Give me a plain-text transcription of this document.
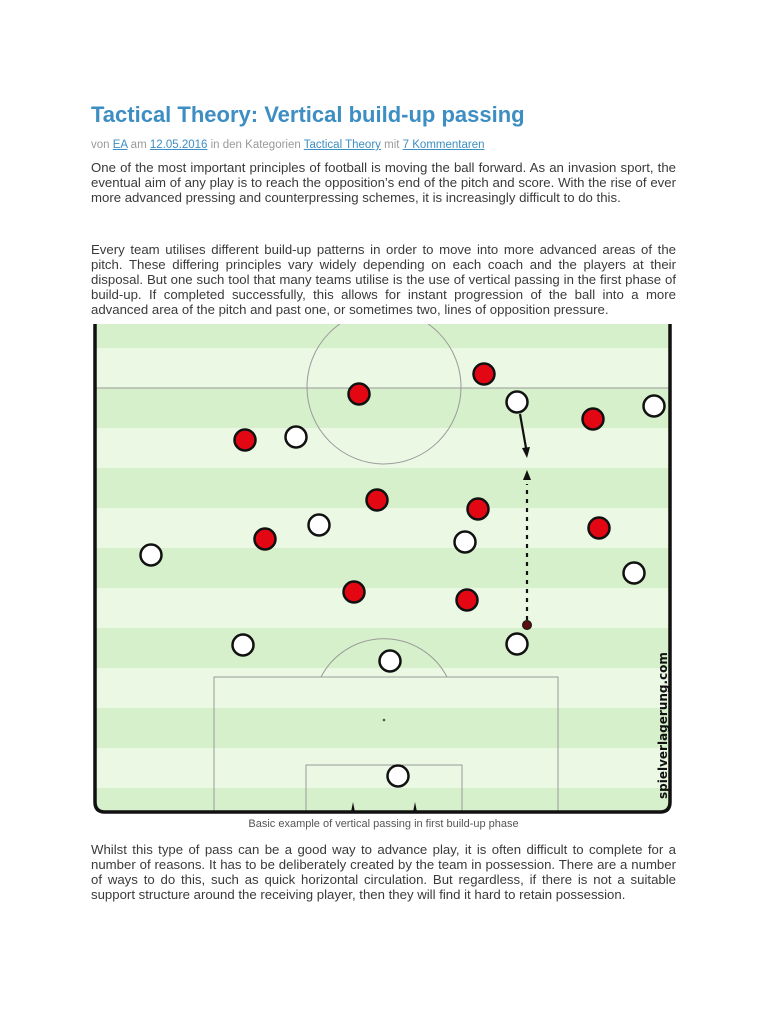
Tactical Theory: Vertical build-up passing
von EA am 12.05.2016 in den Kategorien Tactical Theory mit 7 Kommentaren

One of the most important principles of football is moving the ball forward. As an invasion sport, the eventual aim of any play is to reach the opposition’s end of the pitch and score. With the rise of ever more advanced pressing and counterpressing schemes, it is increasingly difficult to do this.

Every team utilises different build-up patterns in order to move into more advanced areas of the pitch. These differing principles vary widely depending on each coach and the players at their disposal. But one such tool that many teams utilise is the use of vertical passing in the first phase of build-up. If completed successfully, this allows for instant progression of the ball into a more advanced area of the pitch and past one, or sometimes two, lines of opposition pressure.

spielverlagerung.com
Basic example of vertical passing in first build-up phase

Whilst this type of pass can be a good way to advance play, it is often difficult to complete for a number of reasons. It has to be deliberately created by the team in possession. There are a number of ways to do this, such as quick horizontal circulation. But regardless, if there is not a suitable support structure around the receiving player, then they will find it hard to retain possession.
